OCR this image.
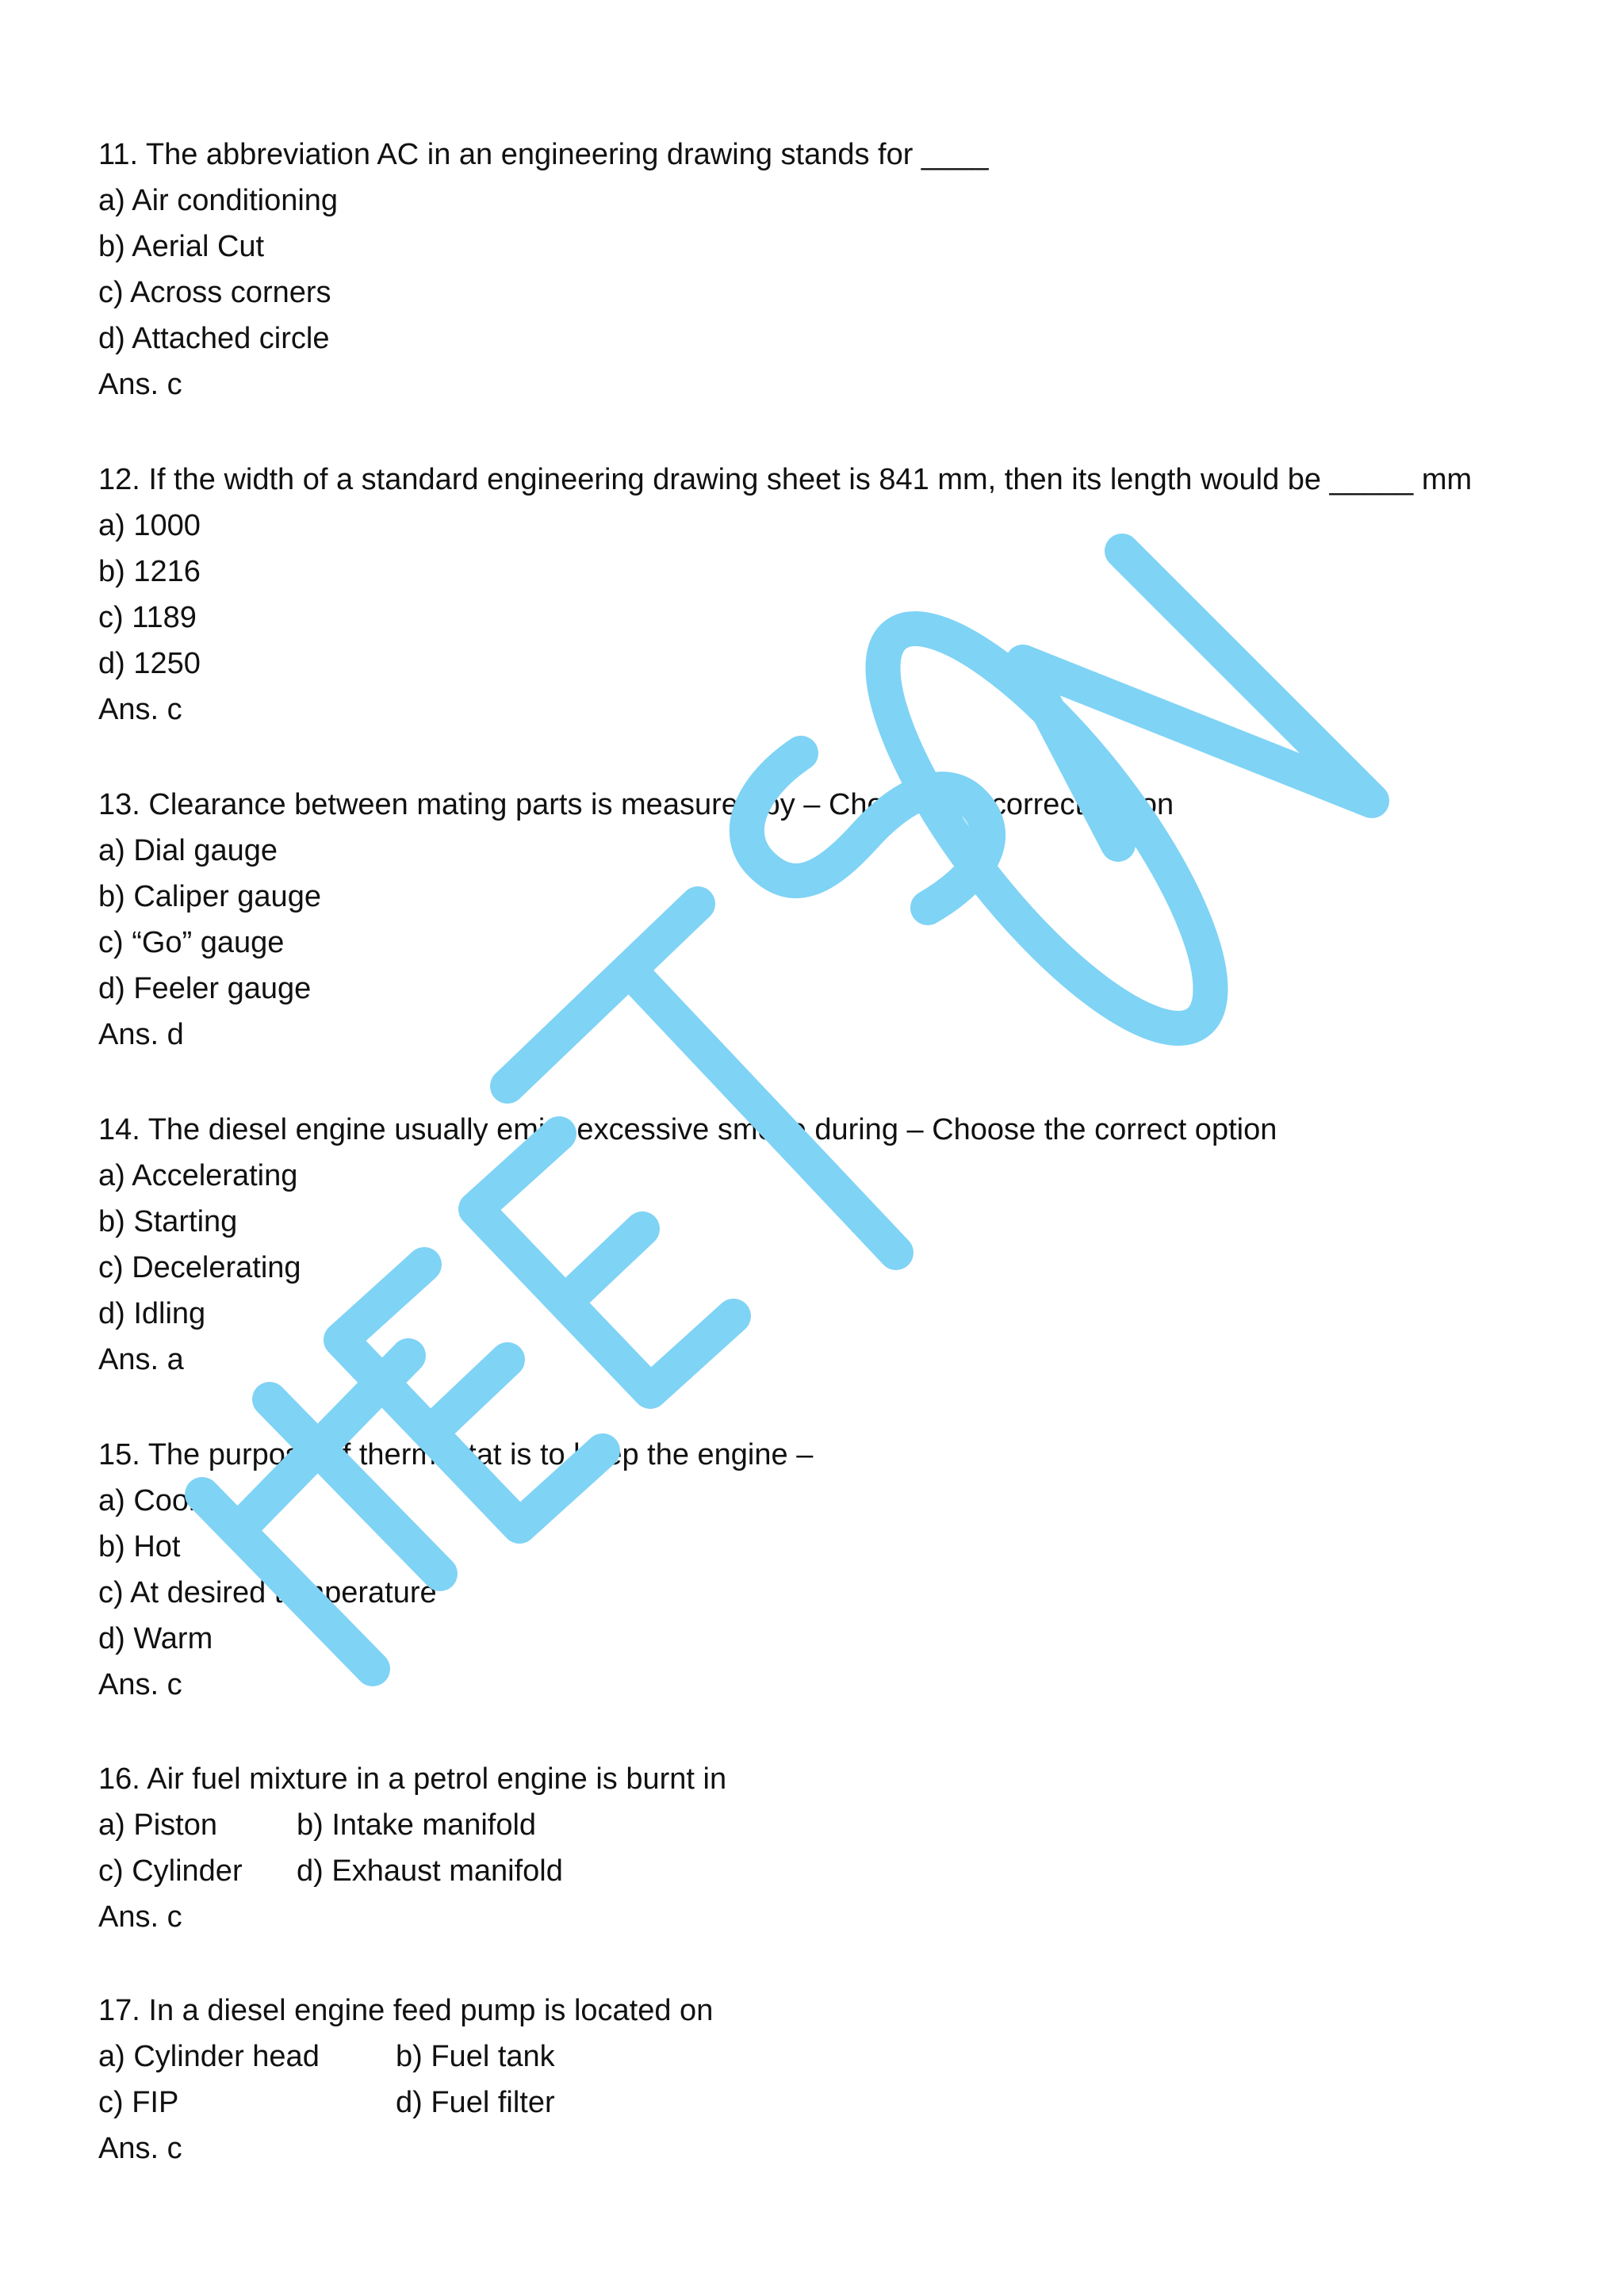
11. The abbreviation AC in an engineering drawing stands for ____
a) Air conditioning
b) Aerial Cut
c) Across corners
d) Attached circle
Ans. c
12. If the width of a standard engineering drawing sheet is 841 mm, then its length would be _____ mm
a) 1000
b) 1216
c) 1189
d) 1250
Ans. c
13. Clearance between mating parts is measured by – Choose the correct option
a) Dial gauge
b) Caliper gauge
c) “Go” gauge
d) Feeler gauge
Ans. d
14. The diesel engine usually emits excessive smoke during – Choose the correct option
a) Accelerating
b) Starting
c) Decelerating
d) Idling
Ans. a
15. The purpose of thermostat is to keep the engine –
a) Cool
b) Hot
c) At desired temperature
d) Warm
Ans. c
16. Air fuel mixture in a petrol engine is burnt in
a) Piston	b) Intake manifold
c) Cylinder	d) Exhaust manifold
Ans. c
17. In a diesel engine feed pump is located on
a) Cylinder head	b) Fuel tank
c) FIP	d) Fuel filter
Ans. c
